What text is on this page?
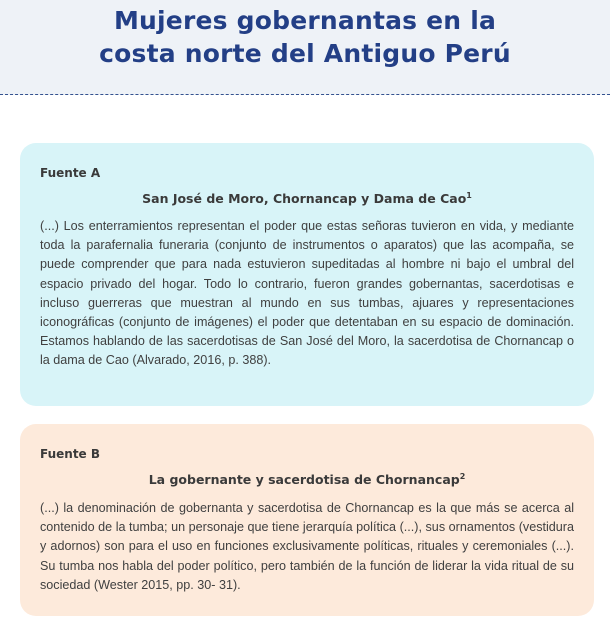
Mujeres gobernantas en la
costa norte del Antiguo Perú

Fuente A

San José de Moro, Chornancap y Dama de Cao$^1$

(...) Los enterramientos representan el poder que estas señoras tuvieron en vida, y mediante toda la parafernalia funeraria (conjunto de instrumentos o aparatos) que las acompaña, se puede comprender que para nada estuvieron supeditadas al hombre ni bajo el umbral del espacio privado del hogar. Todo lo contrario, fueron grandes gobernantas, sacerdotisas e incluso guerreras que muestran al mundo en sus tumbas, ajuares y representaciones iconográficas (conjunto de imágenes) el poder que detentaban en su espacio de dominación. Estamos hablando de las sacerdotisas de San José del Moro, la sacerdotisa de Chornancap o la dama de Cao (Alvarado, 2016, p. 388).

Fuente B

La gobernante y sacerdotisa de Chornancap$^2$

(...) la denominación de gobernanta y sacerdotisa de Chornancap es la que más se acerca al contenido de la tumba; un personaje que tiene jerarquía política (...), sus ornamentos (vestidura y adornos) son para el uso en funciones exclusivamente políticas, rituales y ceremoniales (...). Su tumba nos habla del poder político, pero también de la función de liderar la vida ritual de su sociedad (Wester 2015, pp. 30- 31).
